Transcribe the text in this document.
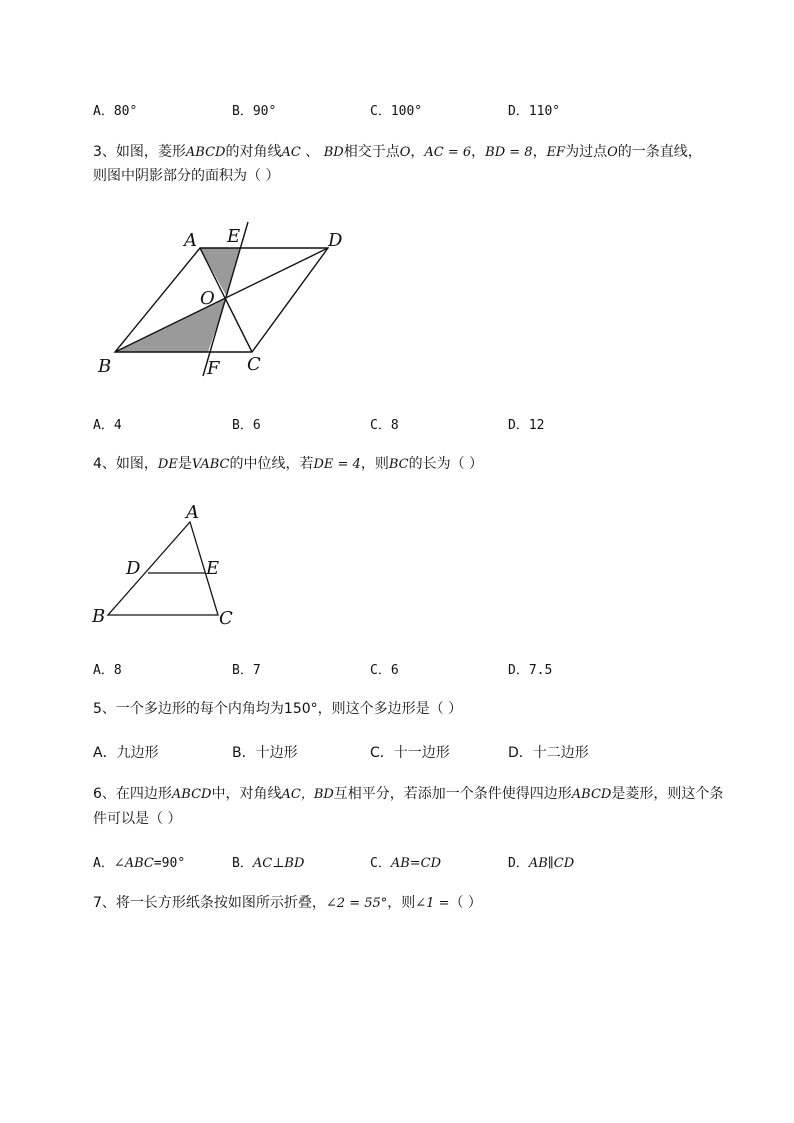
A．80°	B．90°	C．100°	D．110°
3、如图，菱形ABCD的对角线AC 、 BD相交于点O，AC = 6，BD = 8，EF为过点O的一条直线，
则图中阴影部分的面积为（ ）
A E	D
O
B	F C
A．4	B．6	C．8	D．12
4、如图，DE是VABC的中位线，若DE = 4，则BC的长为（ ）
A
D	E
B	C
A．8	B．7	C．6	D．7.5
5、一个多边形的每个内角均为150°，则这个多边形是（ ）
A．九边形	B．十边形	C．十一边形	D．十二边形
6、在四边形ABCD中，对角线AC，BD互相平分，若添加一个条件使得四边形ABCD是菱形，则这个条
件可以是（ ）
A．∠ABC=90°	B．AC⊥BD	C．AB=CD	D．AB∥CD
7、将一长方形纸条按如图所示折叠，∠2 = 55°，则∠1 =（ ）
